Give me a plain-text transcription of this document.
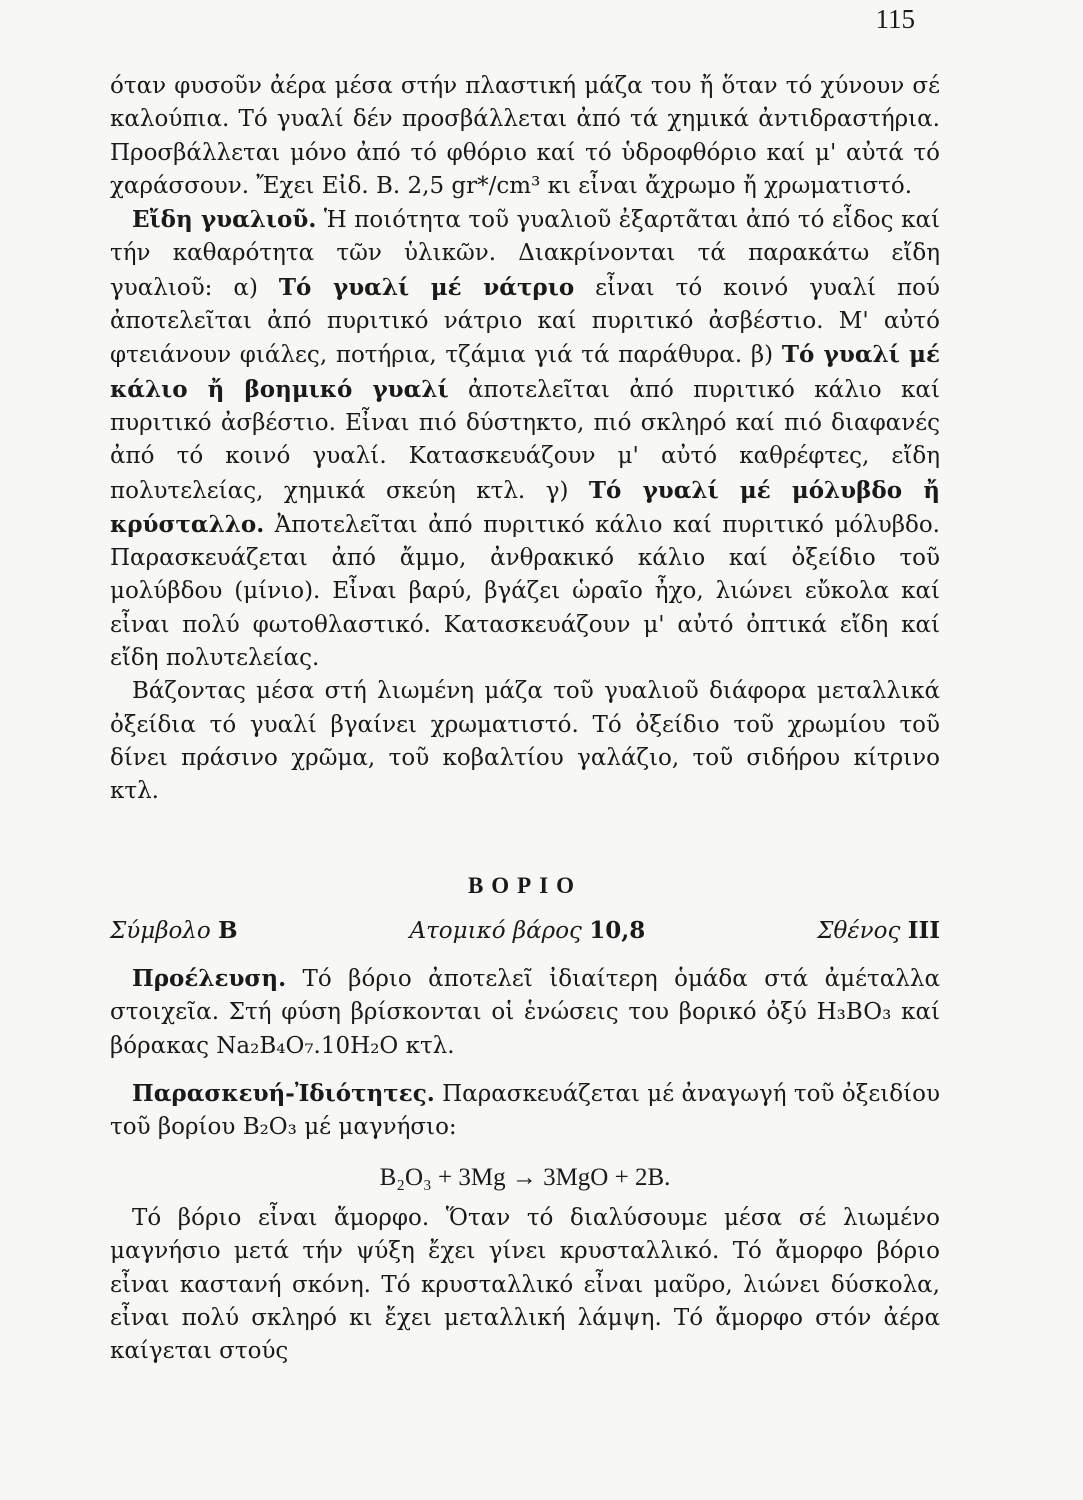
115

όταν φυσοῦν ἀέρα μέσα στήν πλαστική μάζα του ἤ ὅταν τό χύνουν σέ καλούπια. Τό γυαλί δέν προσβάλλεται ἀπό τά χημικά ἀντιδραστήρια. Προσβάλλεται μόνο ἀπό τό φθόριο καί τό ὑδροφθόριο καί μ' αὐτά τό χαράσσουν. Ἔχει Εἰδ. Β. 2,5 gr*/cm³ κι εἶναι ἄχρωμο ἤ χρωματιστό.

Εἴδη γυαλιοῦ. Ἡ ποιότητα τοῦ γυαλιοῦ ἐξαρτᾶται ἀπό τό εἶδος καί τήν καθαρότητα τῶν ὑλικῶν. Διακρίνονται τά παρακάτω εἴδη γυαλιοῦ: α) Τό γυαλί μέ νάτριο εἶναι τό κοινό γυαλί πού ἀποτελεῖται ἀπό πυριτικό νάτριο καί πυριτικό ἀσβέστιο. Μ' αὐτό φτειάνουν φιάλες, ποτήρια, τζάμια γιά τά παράθυρα. β) Τό γυαλί μέ κάλιο ἤ βοημικό γυαλί ἀποτελεῖται ἀπό πυριτικό κάλιο καί πυριτικό ἀσβέστιο. Εἶναι πιό δύστηκτο, πιό σκληρό καί πιό διαφανές ἀπό τό κοινό γυαλί. Κατασκευάζουν μ' αὐτό καθρέφτες, εἴδη πολυτελείας, χημικά σκεύη κτλ. γ) Τό γυαλί μέ μόλυβδο ἤ κρύσταλλο. Ἀποτελεῖται ἀπό πυριτικό κάλιο καί πυριτικό μόλυβδο. Παρασκευάζεται ἀπό ἄμμο, ἀνθρακικό κάλιο καί ὀξείδιο τοῦ μολύβδου (μίνιο). Εἶναι βαρύ, βγάζει ὡραῖο ἦχο, λιώνει εὔκολα καί εἶναι πολύ φωτοθλαστικό. Κατασκευάζουν μ' αὐτό ὀπτικά εἴδη καί εἴδη πολυτελείας.

Βάζοντας μέσα στή λιωμένη μάζα τοῦ γυαλιοῦ διάφορα μεταλλικά ὀξείδια τό γυαλί βγαίνει χρωματιστό. Τό ὀξείδιο τοῦ χρωμίου τοῦ δίνει πράσινο χρῶμα, τοῦ κοβαλτίου γαλάζιο, τοῦ σιδήρου κίτρινο κτλ.

ΒΟΡΙΟ
Σύμβολο Β	Ατομικό βάρος 10,8	Σθένος ΙΙΙ

Προέλευση. Τό βόριο ἀποτελεῖ ἰδιαίτερη ὁμάδα στά ἀμέταλλα στοιχεῖα. Στή φύση βρίσκονται οἱ ἑνώσεις του βορικό ὀξύ H₃BO₃ καί βόρακας Na₂B₄O₇.10H₂O κτλ.

Παρασκευή-Ἰδιότητες. Παρασκευάζεται μέ ἀναγωγή τοῦ ὀξειδίου τοῦ βορίου B₂O₃ μέ μαγνήσιο:

B₂O₃ + 3Mg → 3MgO + 2B.

Τό βόριο εἶναι ἄμορφο. Ὅταν τό διαλύσουμε μέσα σέ λιωμένο μαγνήσιο μετά τήν ψύξη ἔχει γίνει κρυσταλλικό. Τό ἄμορφο βόριο εἶναι καστανή σκόνη. Τό κρυσταλλικό εἶναι μαῦρο, λιώνει δύσκολα, εἶναι πολύ σκληρό κι ἔχει μεταλλική λάμψη. Τό ἄμορφο στόν ἀέρα καίγεται στούς
